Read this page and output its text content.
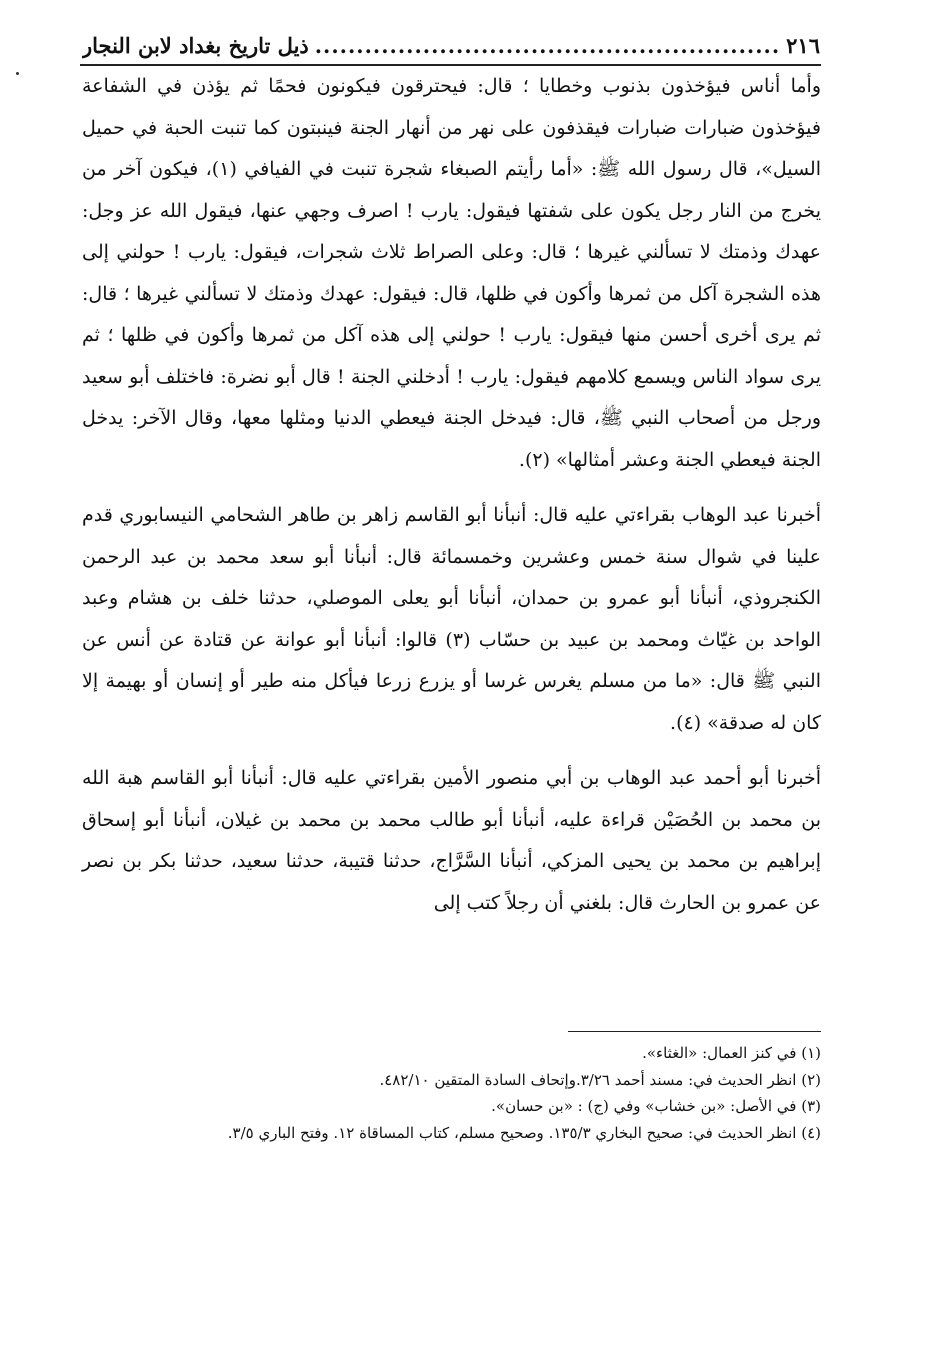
٢١٦
.....
ذيل تاريخ بغداد لابن النجار

وأما أناس فيؤخذون بذنوب وخطايا ؛ قال: فيحترقون فيكونون فحمًا ثم يؤذن في الشفاعة فيؤخذون ضبارات ضبارات فيقذفون على نهر من أنهار الجنة فينبتون كما تنبت الحبة في حميل السيل»، قال رسول الله ﷺ: «أما رأيتم الصبغاء شجرة تنبت في الفيافي (١)، فيكون آخر من يخرج من النار رجل يكون على شفتها فيقول: يارب ! اصرف وجهي عنها، فيقول الله عز وجل: عهدك وذمتك لا تسألني غيرها ؛ قال: وعلى الصراط ثلاث شجرات، فيقول: يارب ! حولني إلى هذه الشجرة آكل من ثمرها وأكون في ظلها، قال: فيقول: عهدك وذمتك لا تسألني غيرها ؛ قال: ثم يرى أخرى أحسن منها فيقول: يارب ! حولني إلى هذه آكل من ثمرها وأكون في ظلها ؛ ثم يرى سواد الناس ويسمع كلامهم فيقول: يارب ! أدخلني الجنة ! قال أبو نضرة: فاختلف أبو سعيد ورجل من أصحاب النبي ﷺ، قال: فيدخل الجنة فيعطي الدنيا ومثلها معها، وقال الآخر: يدخل الجنة فيعطي الجنة وعشر أمثالها» (٢).

أخبرنا عبد الوهاب بقراءتي عليه قال: أنبأنا أبو القاسم زاهر بن طاهر الشحامي النيسابوري قدم علينا في شوال سنة خمس وعشرين وخمسمائة قال: أنبأنا أبو سعد محمد بن عبد الرحمن الكنجروذي، أنبأنا أبو عمرو بن حمدان، أنبأنا أبو يعلى الموصلي، حدثنا خلف بن هشام وعبد الواحد بن غيّاث ومحمد بن عبيد بن حسّاب (٣) قالوا: أنبأنا أبو عوانة عن قتادة عن أنس عن النبي ﷺ قال: «ما من مسلم يغرس غرسا أو يزرع زرعا فيأكل منه طير أو إنسان أو بهيمة إلا كان له صدقة» (٤).

أخبرنا أبو أحمد عبد الوهاب بن أبي منصور الأمين بقراءتي عليه قال: أنبأنا أبو القاسم هبة الله بن محمد بن الحُصَيْن قراءة عليه، أنبأنا أبو طالب محمد بن محمد بن غيلان، أنبأنا أبو إسحاق إبراهيم بن محمد بن يحيى المزكي، أنبأنا السَّرَّاج، حدثنا قتيبة، حدثنا سعيد، حدثنا بكر بن نصر عن عمرو بن الحارث قال: بلغني أن رجلاً كتب إلى

(١) في كنز العمال: «الغثاء».

(٢) انظر الحديث في: مسند أحمد ٣/٢٦.وإتحاف السادة المتقين ٤٨٢/١٠.

(٣) في الأصل: «بن خشاب» وفي (ج) : «بن حسان».

(٤) انظر الحديث في: صحيح البخاري ١٣٥/٣. وصحيح مسلم، كتاب المساقاة ١٢. وفتح الباري ٣/٥.
